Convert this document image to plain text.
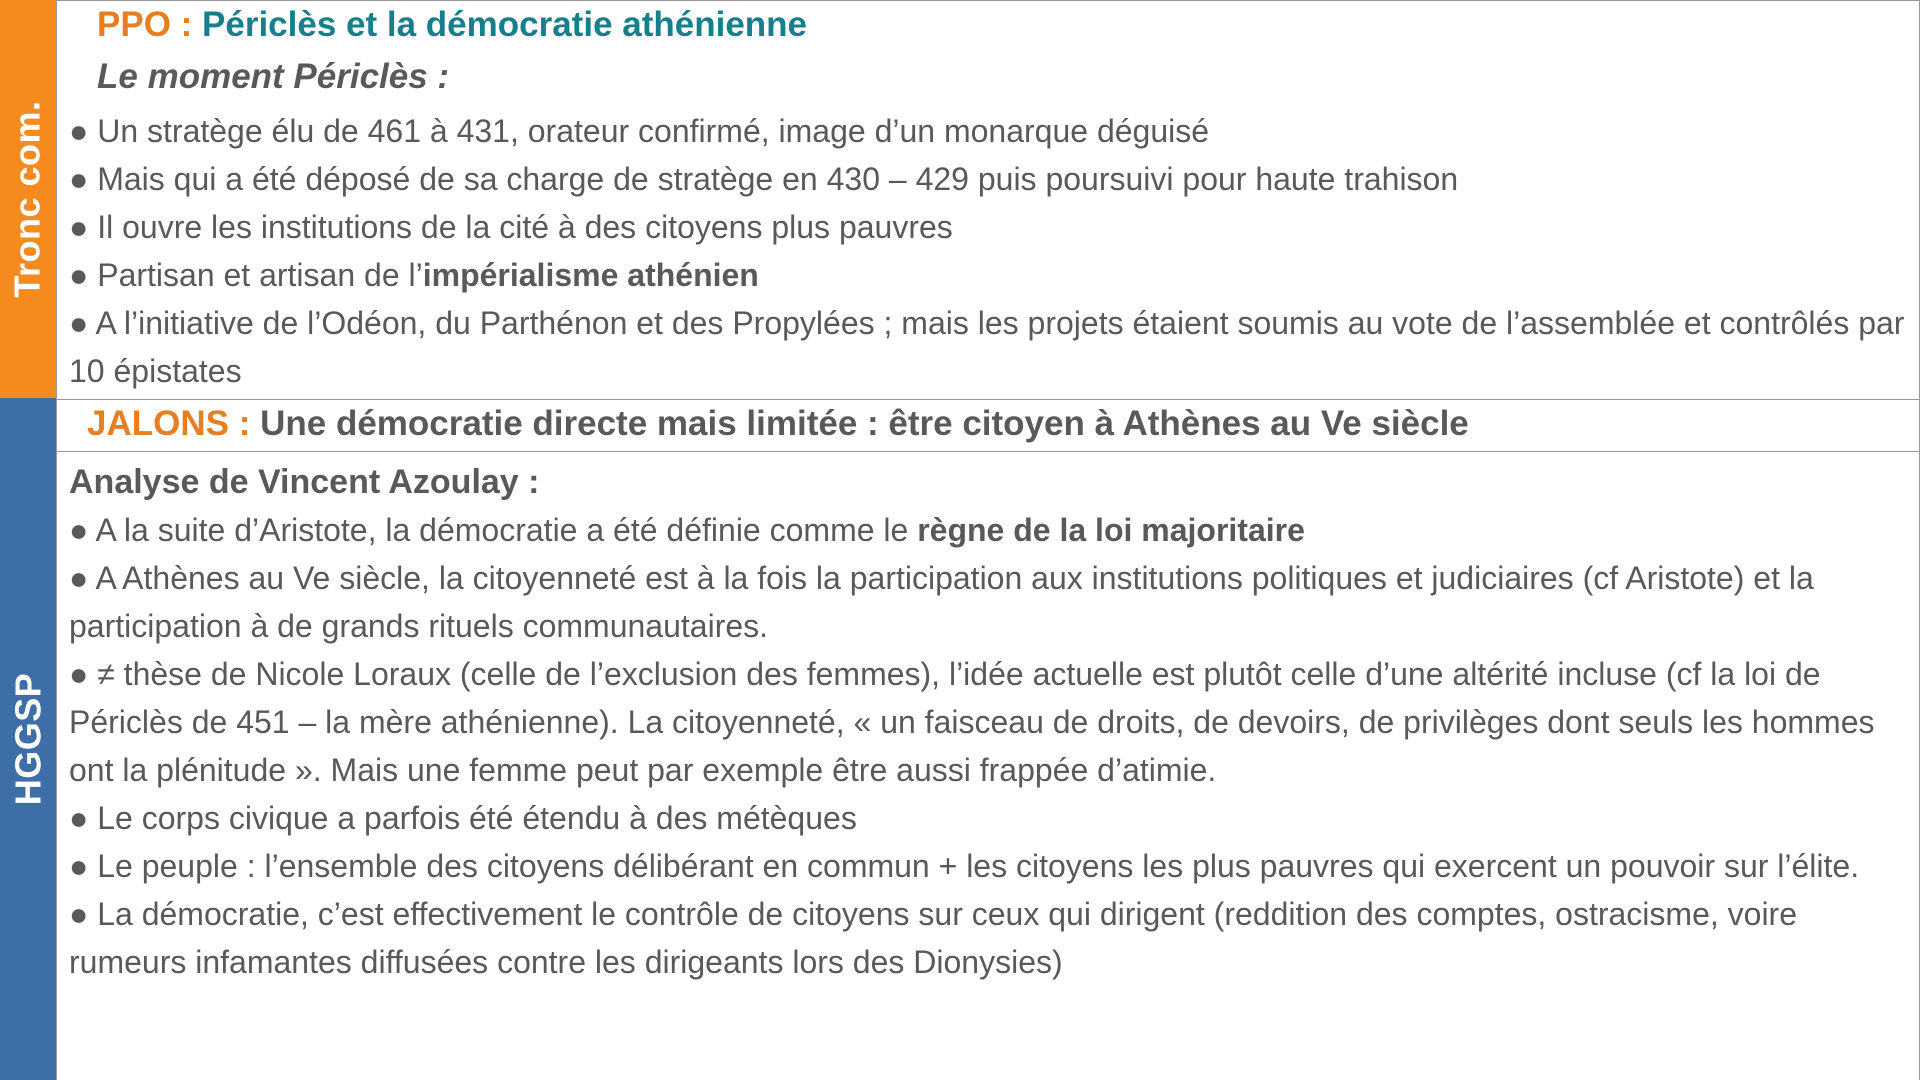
Tronc com.
HGGSP
PPO : Périclès et la démocratie athénienne
Le moment Périclès :
● Un stratège élu de 461 à 431, orateur confirmé, image d’un monarque déguisé
● Mais qui a été déposé de sa charge de stratège en 430 – 429 puis poursuivi pour haute trahison
● Il ouvre les institutions de la cité à des citoyens plus pauvres
● Partisan et artisan de l’impérialisme athénien
● A l’initiative de l’Odéon, du Parthénon et des Propylées ; mais les projets étaient soumis au vote de l’assemblée et contrôlés par 10 épistates
JALONS : Une démocratie directe mais limitée : être citoyen à Athènes au Ve siècle
Analyse de Vincent Azoulay :
● A la suite d’Aristote, la démocratie a été définie comme le règne de la loi majoritaire
● A Athènes au Ve siècle, la citoyenneté est à la fois la participation aux institutions politiques et judiciaires (cf Aristote) et la participation à de grands rituels communautaires.
● ≠ thèse de Nicole Loraux (celle de l’exclusion des femmes), l’idée actuelle est plutôt celle d’une altérité incluse (cf la loi de Périclès de 451 – la mère athénienne). La citoyenneté, « un faisceau de droits, de devoirs, de privilèges dont seuls les hommes ont la plénitude ». Mais une femme peut par exemple être aussi frappée d’atimie.
● Le corps civique a parfois été étendu à des métèques
● Le peuple : l’ensemble des citoyens délibérant en commun + les citoyens les plus pauvres qui exercent un pouvoir sur l’élite.
● La démocratie, c’est effectivement le contrôle de citoyens sur ceux qui dirigent (reddition des comptes, ostracisme, voire rumeurs infamantes diffusées contre les dirigeants lors des Dionysies)
